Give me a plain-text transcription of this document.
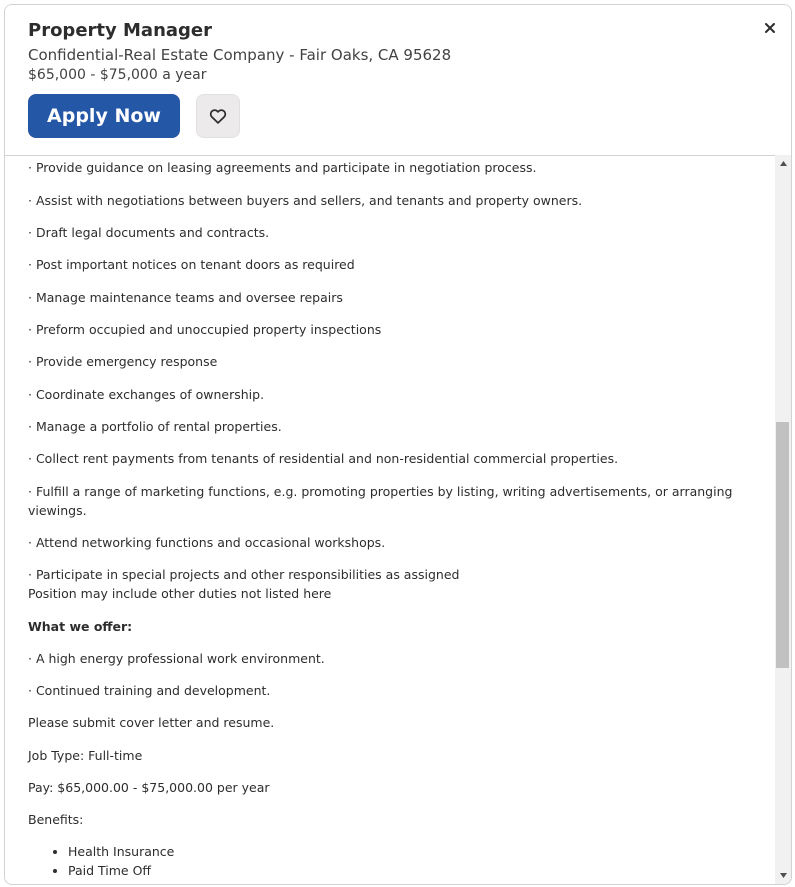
Property Manager
Confidential-Real Estate Company - Fair Oaks, CA 95628
$65,000 - $75,000 a year
Apply Now

· Provide guidance on leasing agreements and participate in negotiation process.

· Assist with negotiations between buyers and sellers, and tenants and property owners.

· Draft legal documents and contracts.

· Post important notices on tenant doors as required

· Manage maintenance teams and oversee repairs

· Preform occupied and unoccupied property inspections

· Provide emergency response

· Coordinate exchanges of ownership.

· Manage a portfolio of rental properties.

· Collect rent payments from tenants of residential and non-residential commercial properties.

· Fulfill a range of marketing functions, e.g. promoting properties by listing, writing advertisements, or arranging viewings.

· Attend networking functions and occasional workshops.

· Participate in special projects and other responsibilities as assigned

Position may include other duties not listed here

What we offer:

· A high energy professional work environment.

· Continued training and development.

Please submit cover letter and resume.

Job Type: Full-time

Pay: $65,000.00 - $75,000.00 per year

Benefits:

• Health Insurance
• Paid Time Off
